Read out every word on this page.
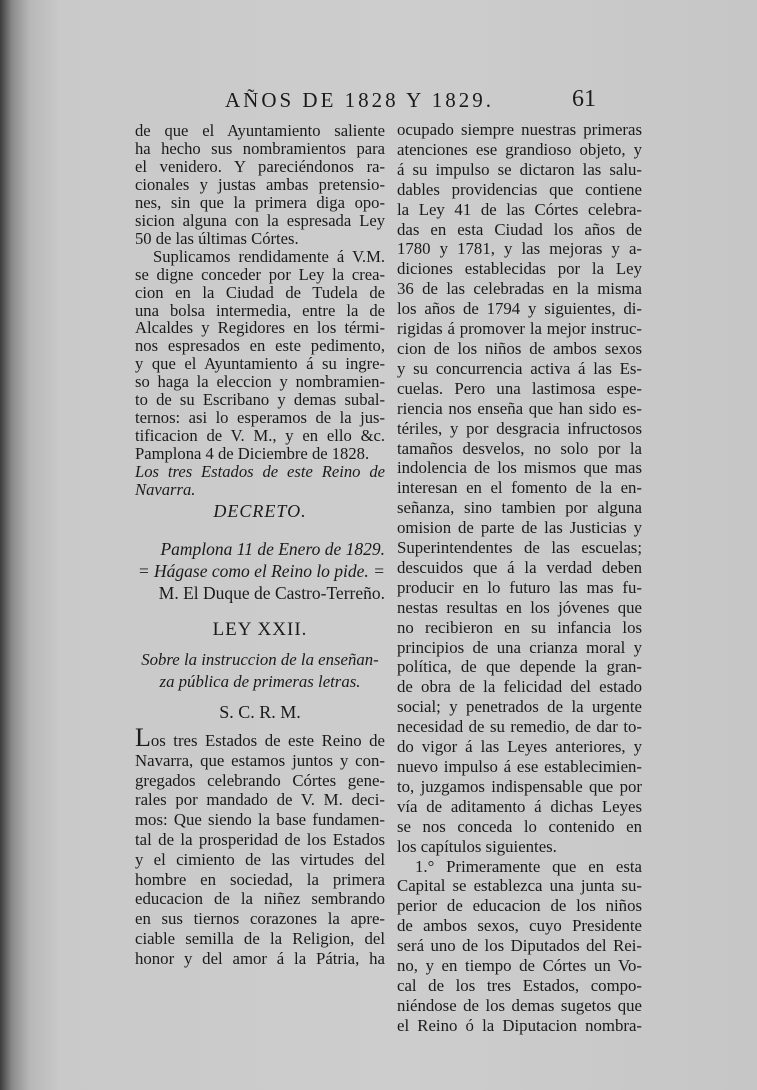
AÑOS DE 1828 Y 1829.	61
de que el Ayuntamiento saliente
ha hecho sus nombramientos para
el venidero. Y pareciéndonos ra-
cionales y justas ambas pretensio-
nes, sin que la primera diga opo-
sicion alguna con la espresada Ley
50 de las últimas Córtes.
Suplicamos rendidamente á V.M.
se digne conceder por Ley la crea-
cion en la Ciudad de Tudela de
una bolsa intermedia, entre la de
Alcaldes y Regidores en los térmi-
nos espresados en este pedimento,
y que el Ayuntamiento á su ingre-
so haga la eleccion y nombramien-
to de su Escribano y demas subal-
ternos: asi lo esperamos de la jus-
tificacion de V. M., y en ello &c.
Pamplona 4 de Diciembre de 1828.
Los tres Estados de este Reino de
Navarra.
DECRETO.
Pamplona 11 de Enero de 1829.
= Hágase como el Reino lo pide. =
M. El Duque de Castro-Terreño.
LEY XXII.
Sobre la instruccion de la enseñan-
za pública de primeras letras.
S. C. R. M.
Los tres Estados de este Reino de
Navarra, que estamos juntos y con-
gregados celebrando Córtes gene-
rales por mandado de V. M. deci-
mos: Que siendo la base fundamen-
tal de la prosperidad de los Estados
y el cimiento de las virtudes del
hombre en sociedad, la primera
educacion de la niñez sembrando
en sus tiernos corazones la apre-
ciable semilla de la Religion, del
honor y del amor á la Pátria, ha
ocupado siempre nuestras primeras
atenciones ese grandioso objeto, y
á su impulso se dictaron las salu-
dables providencias que contiene
la Ley 41 de las Córtes celebra-
das en esta Ciudad los años de
1780 y 1781, y las mejoras y a-
diciones establecidas por la Ley
36 de las celebradas en la misma
los años de 1794 y siguientes, di-
rigidas á promover la mejor instruc-
cion de los niños de ambos sexos
y su concurrencia activa á las Es-
cuelas. Pero una lastimosa espe-
riencia nos enseña que han sido es-
tériles, y por desgracia infructosos
tamaños desvelos, no solo por la
indolencia de los mismos que mas
interesan en el fomento de la en-
señanza, sino tambien por alguna
omision de parte de las Justicias y
Superintendentes de las escuelas;
descuidos que á la verdad deben
producir en lo futuro las mas fu-
nestas resultas en los jóvenes que
no recibieron en su infancia los
principios de una crianza moral y
política, de que depende la gran-
de obra de la felicidad del estado
social; y penetrados de la urgente
necesidad de su remedio, de dar to-
do vigor á las Leyes anteriores, y
nuevo impulso á ese establecimien-
to, juzgamos indispensable que por
vía de aditamento á dichas Leyes
se nos conceda lo contenido en
los capítulos siguientes.
1.° Primeramente que en esta
Capital se establezca una junta su-
perior de educacion de los niños
de ambos sexos, cuyo Presidente
será uno de los Diputados del Rei-
no, y en tiempo de Córtes un Vo-
cal de los tres Estados, compo-
niéndose de los demas sugetos que
el Reino ó la Diputacion nombra-
